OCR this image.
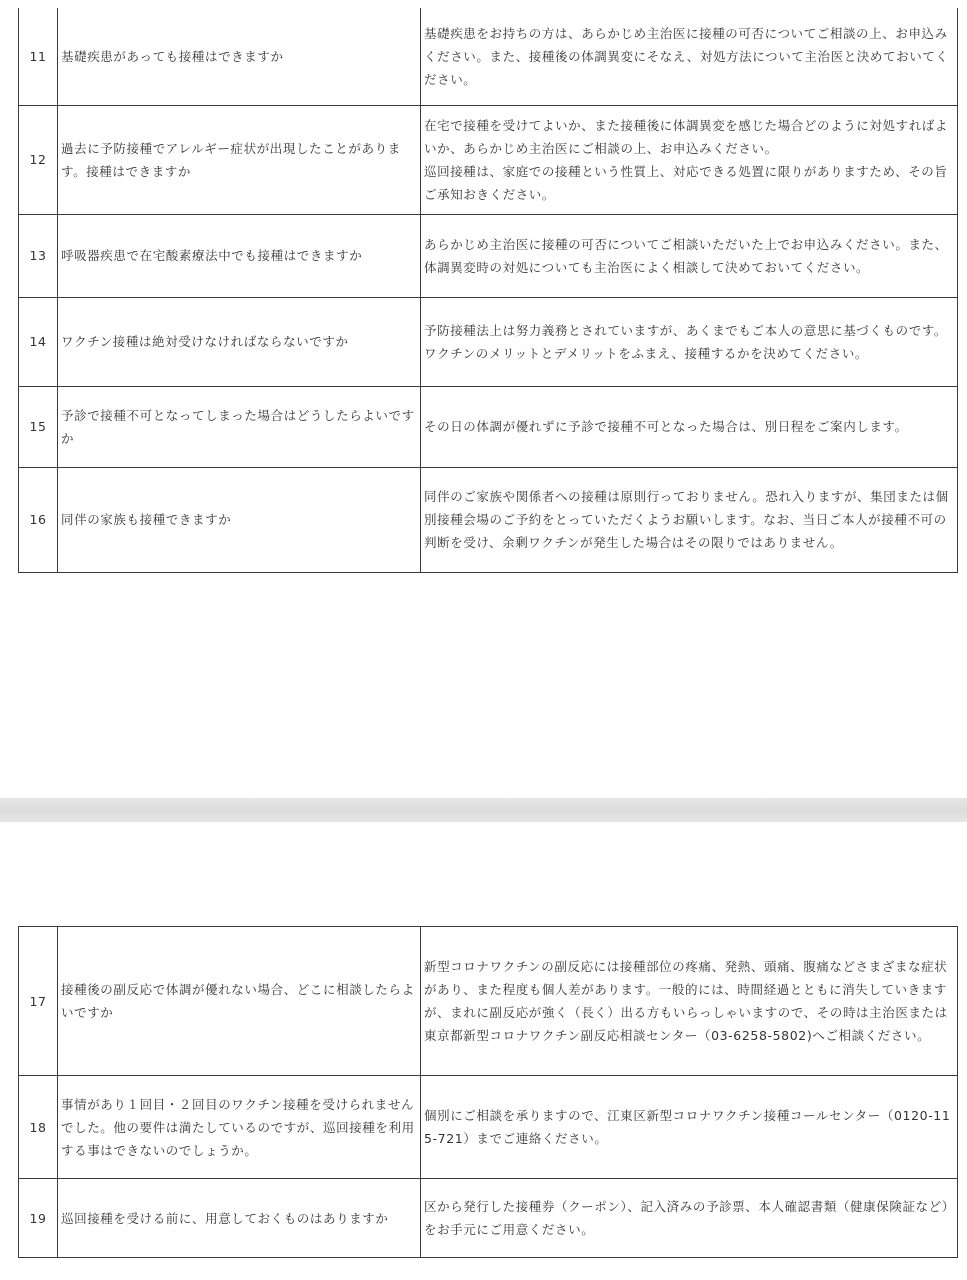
11	基礎疾患があっても接種はできますか	基礎疾患をお持ちの方は、あらかじめ主治医に接種の可否についてご相談の上、お申込みください。また、接種後の体調異変にそなえ、対処方法について主治医と決めておいてください。
12	過去に予防接種でアレルギー症状が出現したことがあります。接種はできますか	在宅で接種を受けてよいか、また接種後に体調異変を感じた場合どのように対処すればよいか、あらかじめ主治医にご相談の上、お申込みください。
巡回接種は、家庭での接種という性質上、対応できる処置に限りがありますため、その旨ご承知おきください。

13	呼吸器疾患で在宅酸素療法中でも接種はできますか	あらかじめ主治医に接種の可否についてご相談いただいた上でお申込みください。また、体調異変時の対処についても主治医によく相談して決めておいてください。
14	ワクチン接種は絶対受けなければならないですか	予防接種法上は努力義務とされていますが、あくまでもご本人の意思に基づくものです。ワクチンのメリットとデメリットをふまえ、接種するかを決めてください。
15	予診で接種不可となってしまった場合はどうしたらよいですか	その日の体調が優れずに予診で接種不可となった場合は、別日程をご案内します。
16	同伴の家族も接種できますか	同伴のご家族や関係者への接種は原則行っておりません。恐れ入りますが、集団または個別接種会場のご予約をとっていただくようお願いします。なお、当日ご本人が接種不可の判断を受け、余剰ワクチンが発生した場合はその限りではありません。
17	接種後の副反応で体調が優れない場合、どこに相談したらよいですか	新型コロナワクチンの副反応には接種部位の疼痛、発熱、頭痛、腹痛などさまざまな症状があり、また程度も個人差があります。一般的には、時間経過とともに消失していきますが、まれに副反応が強く（長く）出る方もいらっしゃいますので、その時は主治医または東京都新型コロナワクチン副反応相談センター（03-6258-5802)へご相談ください。
18	事情があり１回目・２回目のワクチン接種を受けられませんでした。他の要件は満たしているのですが、巡回接種を利用する事はできないのでしょうか。	個別にご相談を承りますので、江東区新型コロナワクチン接種コールセンター（0120-115-721）までご連絡ください。
19	巡回接種を受ける前に、用意しておくものはありますか	区から発行した接種券（クーポン）、記入済みの予診票、本人確認書類（健康保険証など）をお手元にご用意ください。
